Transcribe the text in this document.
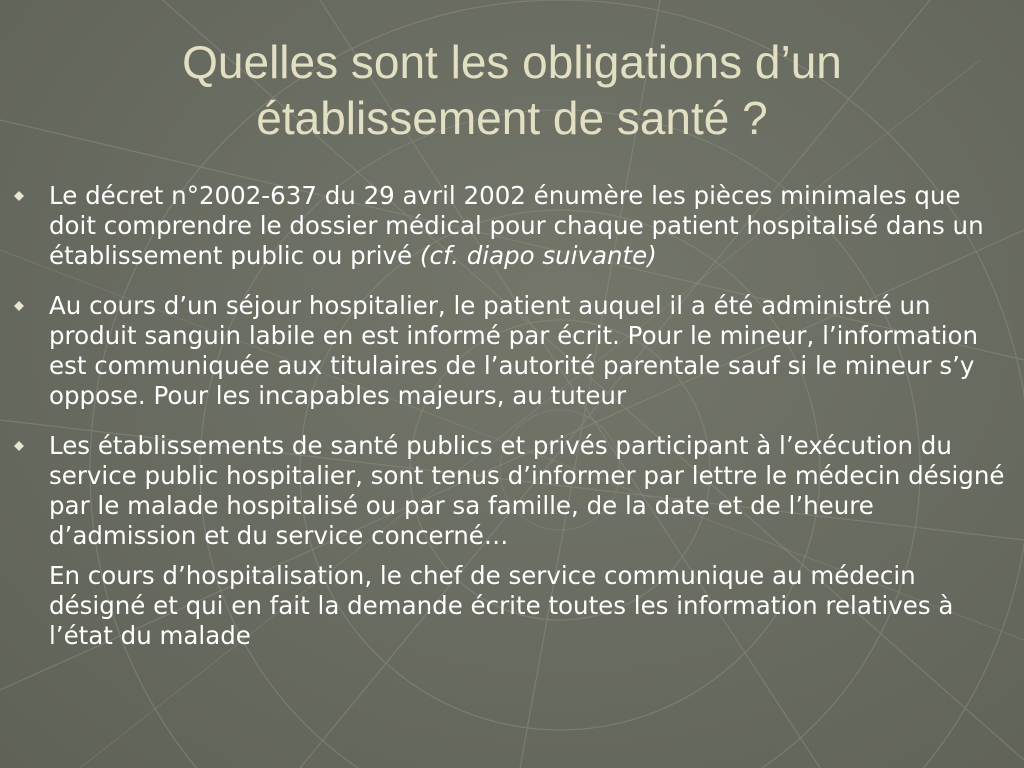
Quelles sont les obligations d’un établissement de santé ?
Le décret n°2002-637 du 29 avril 2002 énumère les pièces minimales que doit comprendre le dossier médical pour chaque patient hospitalisé dans un établissement public ou privé (cf. diapo suivante)
Au cours d’un séjour hospitalier, le patient auquel il a été administré un produit sanguin labile en est informé par écrit. Pour le mineur, l’information est communiquée aux titulaires de l’autorité parentale sauf si le mineur s’y oppose. Pour les incapables majeurs, au tuteur
Les établissements de santé publics et privés participant à l’exécution du service public hospitalier, sont tenus d’informer par lettre le médecin désigné par le malade hospitalisé ou par sa famille, de la date et de l’heure d’admission et du service concerné…
En cours d’hospitalisation, le chef de service communique au médecin désigné et qui en fait la demande écrite toutes les information relatives à l’état du malade
